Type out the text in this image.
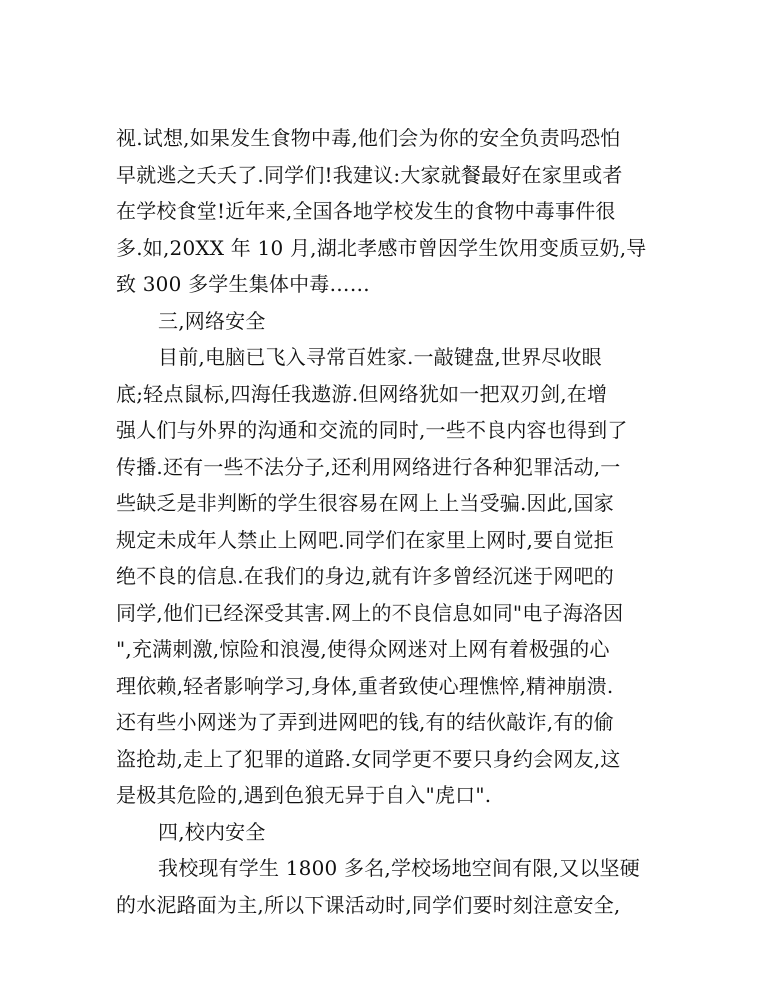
视.试想,如果发生食物中毒,他们会为你的安全负责吗恐怕
早就逃之夭夭了.同学们!我建议:大家就餐最好在家里或者
在学校食堂!近年来,全国各地学校发生的食物中毒事件很
多.如,20XX 年 10 月,湖北孝感市曾因学生饮用变质豆奶,导
致 300 多学生集体中毒……
三,网络安全
目前,电脑已飞入寻常百姓家.一敲键盘,世界尽收眼
底;轻点鼠标,四海任我遨游.但网络犹如一把双刃剑,在增
强人们与外界的沟通和交流的同时,一些不良内容也得到了
传播.还有一些不法分子,还利用网络进行各种犯罪活动,一
些缺乏是非判断的学生很容易在网上上当受骗.因此,国家
规定未成年人禁止上网吧.同学们在家里上网时,要自觉拒
绝不良的信息.在我们的身边,就有许多曾经沉迷于网吧的
同学,他们已经深受其害.网上的不良信息如同"电子海洛因
",充满刺激,惊险和浪漫,使得众网迷对上网有着极强的心
理依赖,轻者影响学习,身体,重者致使心理憔悴,精神崩溃.
还有些小网迷为了弄到进网吧的钱,有的结伙敲诈,有的偷
盗抢劫,走上了犯罪的道路.女同学更不要只身约会网友,这
是极其危险的,遇到色狼无异于自入"虎口".
四,校内安全
我校现有学生 1800 多名,学校场地空间有限,又以坚硬
的水泥路面为主,所以下课活动时,同学们要时刻注意安全,
